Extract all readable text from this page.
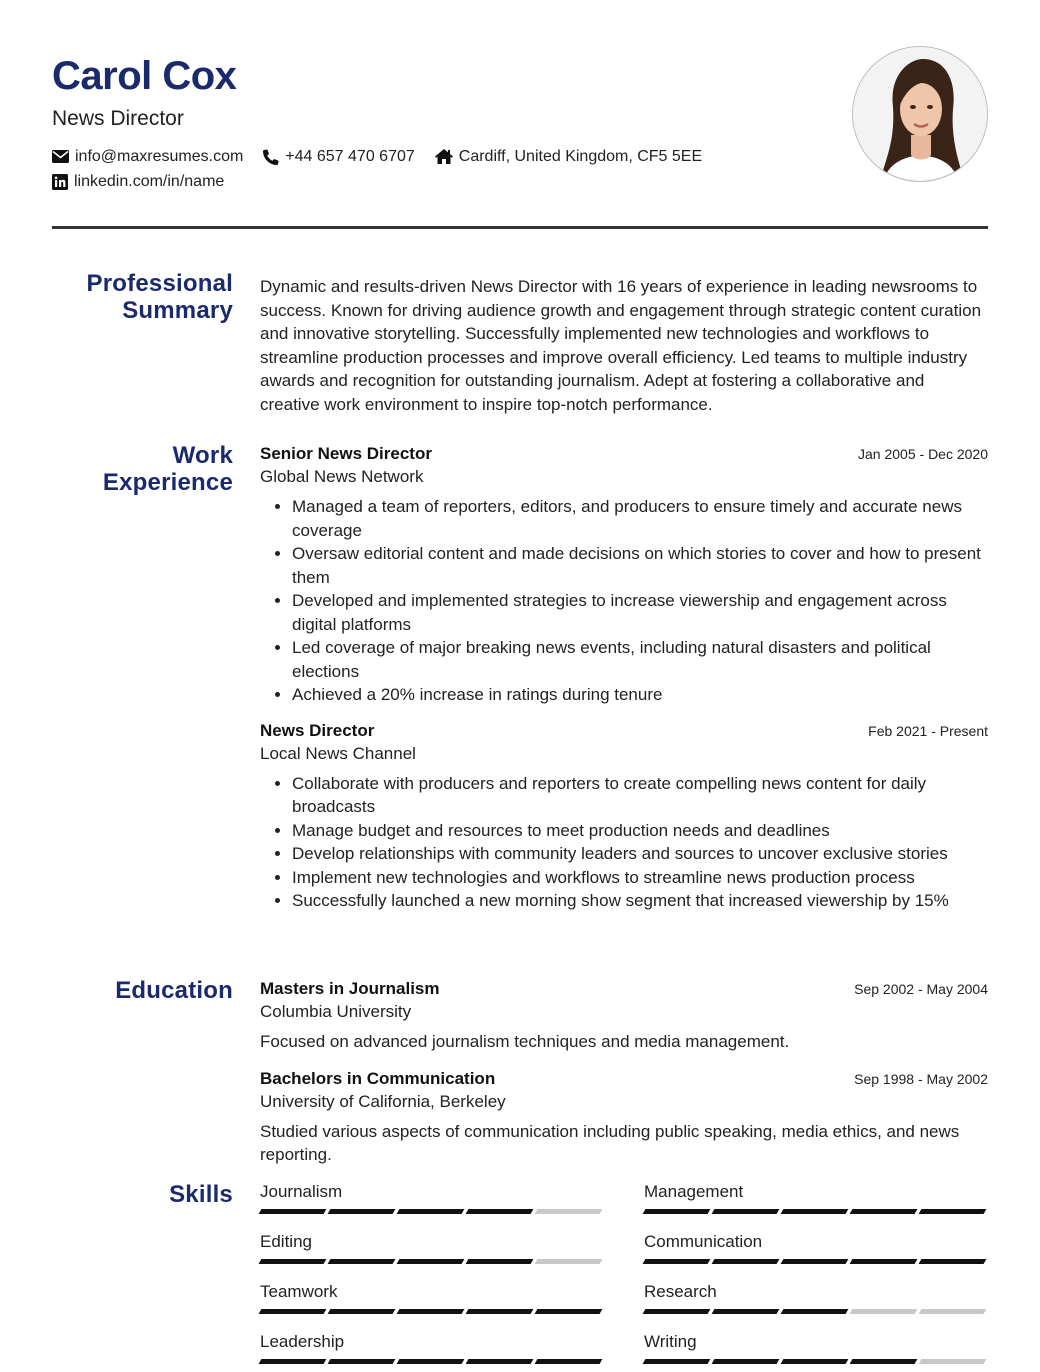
Carol Cox
News Director
info@maxresumes.com	+44 657 470 6707	Cardiff, United Kingdom, CF5 5EE
linkedin.com/in/name
Professional
Summary

Dynamic and results-driven News Director with 16 years of experience in leading newsrooms to success. Known for driving audience growth and engagement through strategic content curation and innovative storytelling. Successfully implemented new technologies and workflows to streamline production processes and improve overall efficiency. Led teams to multiple industry awards and recognition for outstanding journalism. Adept at fostering a collaborative and creative work environment to inspire top-notch performance.

Work
Experience
Senior News Director	Jan 2005 - Dec 2020
Global News Network
• Managed a team of reporters, editors, and producers to ensure timely and accurate news coverage
• Oversaw editorial content and made decisions on which stories to cover and how to present them
• Developed and implemented strategies to increase viewership and engagement across digital platforms
• Led coverage of major breaking news events, including natural disasters and political elections
• Achieved a 20% increase in ratings during tenure
News Director	Feb 2021 - Present
Local News Channel
• Collaborate with producers and reporters to create compelling news content for daily broadcasts
• Manage budget and resources to meet production needs and deadlines
• Develop relationships with community leaders and sources to uncover exclusive stories
• Implement new technologies and workflows to streamline news production process
• Successfully launched a new morning show segment that increased viewership by 15%
Education Masters in Journalism	Sep 2002 - May 2004
Columbia University

Focused on advanced journalism techniques and media management.

Bachelors in Communication	Sep 1998 - May 2002
University of California, Berkeley

Studied various aspects of communication including public speaking, media ethics, and news reporting.

Skills Journalism	Management
Editing	Communication
Teamwork	Research
Leadership	Writing
